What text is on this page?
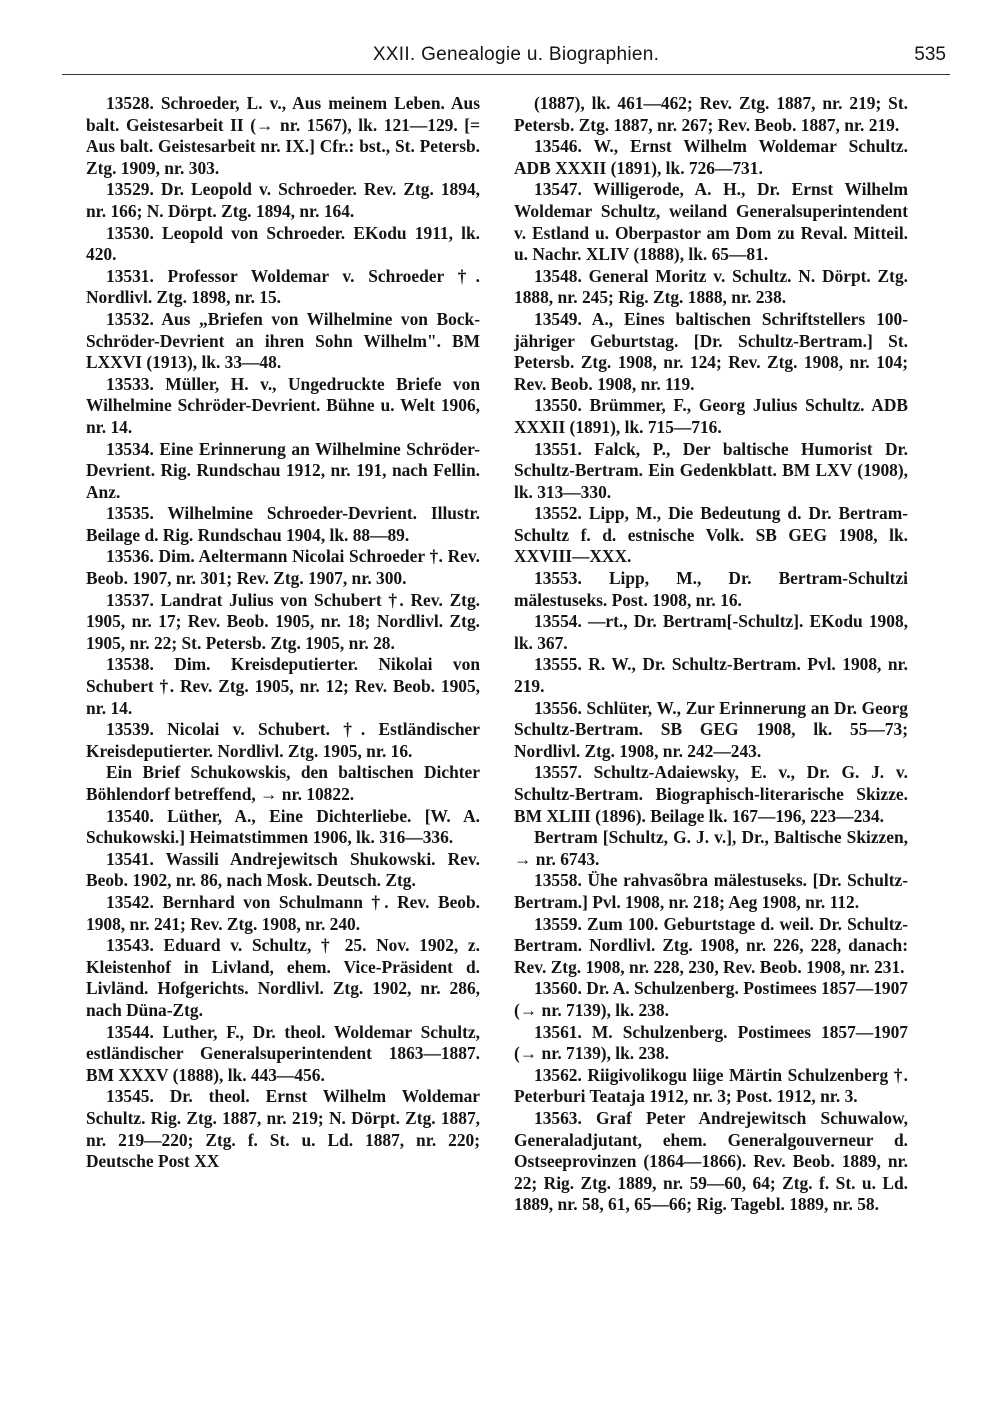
XXII. Genealogie u. Biographien.	535

13528. Schroeder, L. v., Aus meinem Leben. Aus balt. Geistesarbeit II (→ nr. 1567), lk. 121—129. [= Aus balt. Geistesarbeit nr. IX.] Cfr.: bst., St. Petersb. Ztg. 1909, nr. 303.

13529. Dr. Leopold v. Schroeder. Rev. Ztg. 1894, nr. 166; N. Dörpt. Ztg. 1894, nr. 164.

13530. Leopold von Schroeder. EKodu 1911, lk. 420.

13531. Professor Woldemar v. Schroeder †. Nordlivl. Ztg. 1898, nr. 15.

13532. Aus „Briefen von Wilhelmine von Bock-Schröder-Devrient an ihren Sohn Wilhelm". BM LXXVI (1913), lk. 33—48.

13533. Müller, H. v., Ungedruckte Briefe von Wilhelmine Schröder-Devrient. Bühne u. Welt 1906, nr. 14.

13534. Eine Erinnerung an Wilhelmine Schröder-Devrient. Rig. Rundschau 1912, nr. 191, nach Fellin. Anz.

13535. Wilhelmine Schroeder-Devrient. Illustr. Beilage d. Rig. Rundschau 1904, lk. 88—89.

13536. Dim. Aeltermann Nicolai Schroeder †. Rev. Beob. 1907, nr. 301; Rev. Ztg. 1907, nr. 300.

13537. Landrat Julius von Schubert †. Rev. Ztg. 1905, nr. 17; Rev. Beob. 1905, nr. 18; Nordlivl. Ztg. 1905, nr. 22; St. Petersb. Ztg. 1905, nr. 28.

13538. Dim. Kreisdeputierter. Nikolai von Schubert †. Rev. Ztg. 1905, nr. 12; Rev. Beob. 1905, nr. 14.

13539. Nicolai v. Schubert. †. Estländischer Kreisdeputierter. Nordlivl. Ztg. 1905, nr. 16.

Ein Brief Schukowskis, den baltischen Dichter Böhlendorf betreffend, → nr. 10822.

13540. Lüther, A., Eine Dichterliebe. [W. A. Schukowski.] Heimatstimmen 1906, lk. 316—336.

13541. Wassili Andrejewitsch Shukowski. Rev. Beob. 1902, nr. 86, nach Mosk. Deutsch. Ztg.

13542. Bernhard von Schulmann †. Rev. Beob. 1908, nr. 241; Rev. Ztg. 1908, nr. 240.

13543. Eduard v. Schultz, † 25. Nov. 1902, z. Kleistenhof in Livland, ehem. Vice-Präsident d. Livländ. Hofgerichts. Nordlivl. Ztg. 1902, nr. 286, nach Düna-Ztg.

13544. Luther, F., Dr. theol. Woldemar Schultz, estländischer Generalsuperintendent 1863—1887. BM XXXV (1888), lk. 443—456.

13545. Dr. theol. Ernst Wilhelm Woldemar Schultz. Rig. Ztg. 1887, nr. 219; N. Dörpt. Ztg. 1887, nr. 219—220; Ztg. f. St. u. Ld. 1887, nr. 220; Deutsche Post XX

(1887), lk. 461—462; Rev. Ztg. 1887, nr. 219; St. Petersb. Ztg. 1887, nr. 267; Rev. Beob. 1887, nr. 219.

13546. W., Ernst Wilhelm Woldemar Schultz. ADB XXXII (1891), lk. 726—731.

13547. Willigerode, A. H., Dr. Ernst Wilhelm Woldemar Schultz, weiland Generalsuperintendent v. Estland u. Oberpastor am Dom zu Reval. Mitteil. u. Nachr. XLIV (1888), lk. 65—81.

13548. General Moritz v. Schultz. N. Dörpt. Ztg. 1888, nr. 245; Rig. Ztg. 1888, nr. 238.

13549. A., Eines baltischen Schriftstellers 100-jähriger Geburtstag. [Dr. Schultz-Bertram.] St. Petersb. Ztg. 1908, nr. 124; Rev. Ztg. 1908, nr. 104; Rev. Beob. 1908, nr. 119.

13550. Brümmer, F., Georg Julius Schultz. ADB XXXII (1891), lk. 715—716.

13551. Falck, P., Der baltische Humorist Dr. Schultz-Bertram. Ein Gedenkblatt. BM LXV (1908), lk. 313—330.

13552. Lipp, M., Die Bedeutung d. Dr. Bertram-Schultz f. d. estnische Volk. SB GEG 1908, lk. XXVIII—XXX.

13553. Lipp, M., Dr. Bertram-Schultzi mälestuseks. Post. 1908, nr. 16.

13554. —rt., Dr. Bertram[-Schultz]. EKodu 1908, lk. 367.

13555. R. W., Dr. Schultz-Bertram. Pvl. 1908, nr. 219.

13556. Schlüter, W., Zur Erinnerung an Dr. Georg Schultz-Bertram. SB GEG 1908, lk. 55—73; Nordlivl. Ztg. 1908, nr. 242—243.

13557. Schultz-Adaiewsky, E. v., Dr. G. J. v. Schultz-Bertram. Biographisch-literarische Skizze. BM XLIII (1896). Beilage lk. 167—196, 223—234.

Bertram [Schultz, G. J. v.], Dr., Baltische Skizzen, → nr. 6743.

13558. Ühe rahvasõbra mälestuseks. [Dr. Schultz-Bertram.] Pvl. 1908, nr. 218; Aeg 1908, nr. 112.

13559. Zum 100. Geburtstage d. weil. Dr. Schultz-Bertram. Nordlivl. Ztg. 1908, nr. 226, 228, danach: Rev. Ztg. 1908, nr. 228, 230, Rev. Beob. 1908, nr. 231.

13560. Dr. A. Schulzenberg. Postimees 1857—1907 (→ nr. 7139), lk. 238.

13561. M. Schulzenberg. Postimees 1857—1907 (→ nr. 7139), lk. 238.

13562. Riigivolikogu liige Märtin Schulzenberg †. Peterburi Teataja 1912, nr. 3; Post. 1912, nr. 3.

13563. Graf Peter Andrejewitsch Schuwalow, Generaladjutant, ehem. Generalgouverneur d. Ostseeprovinzen (1864—1866). Rev. Beob. 1889, nr. 22; Rig. Ztg. 1889, nr. 59—60, 64; Ztg. f. St. u. Ld. 1889, nr. 58, 61, 65—66; Rig. Tagebl. 1889, nr. 58.
